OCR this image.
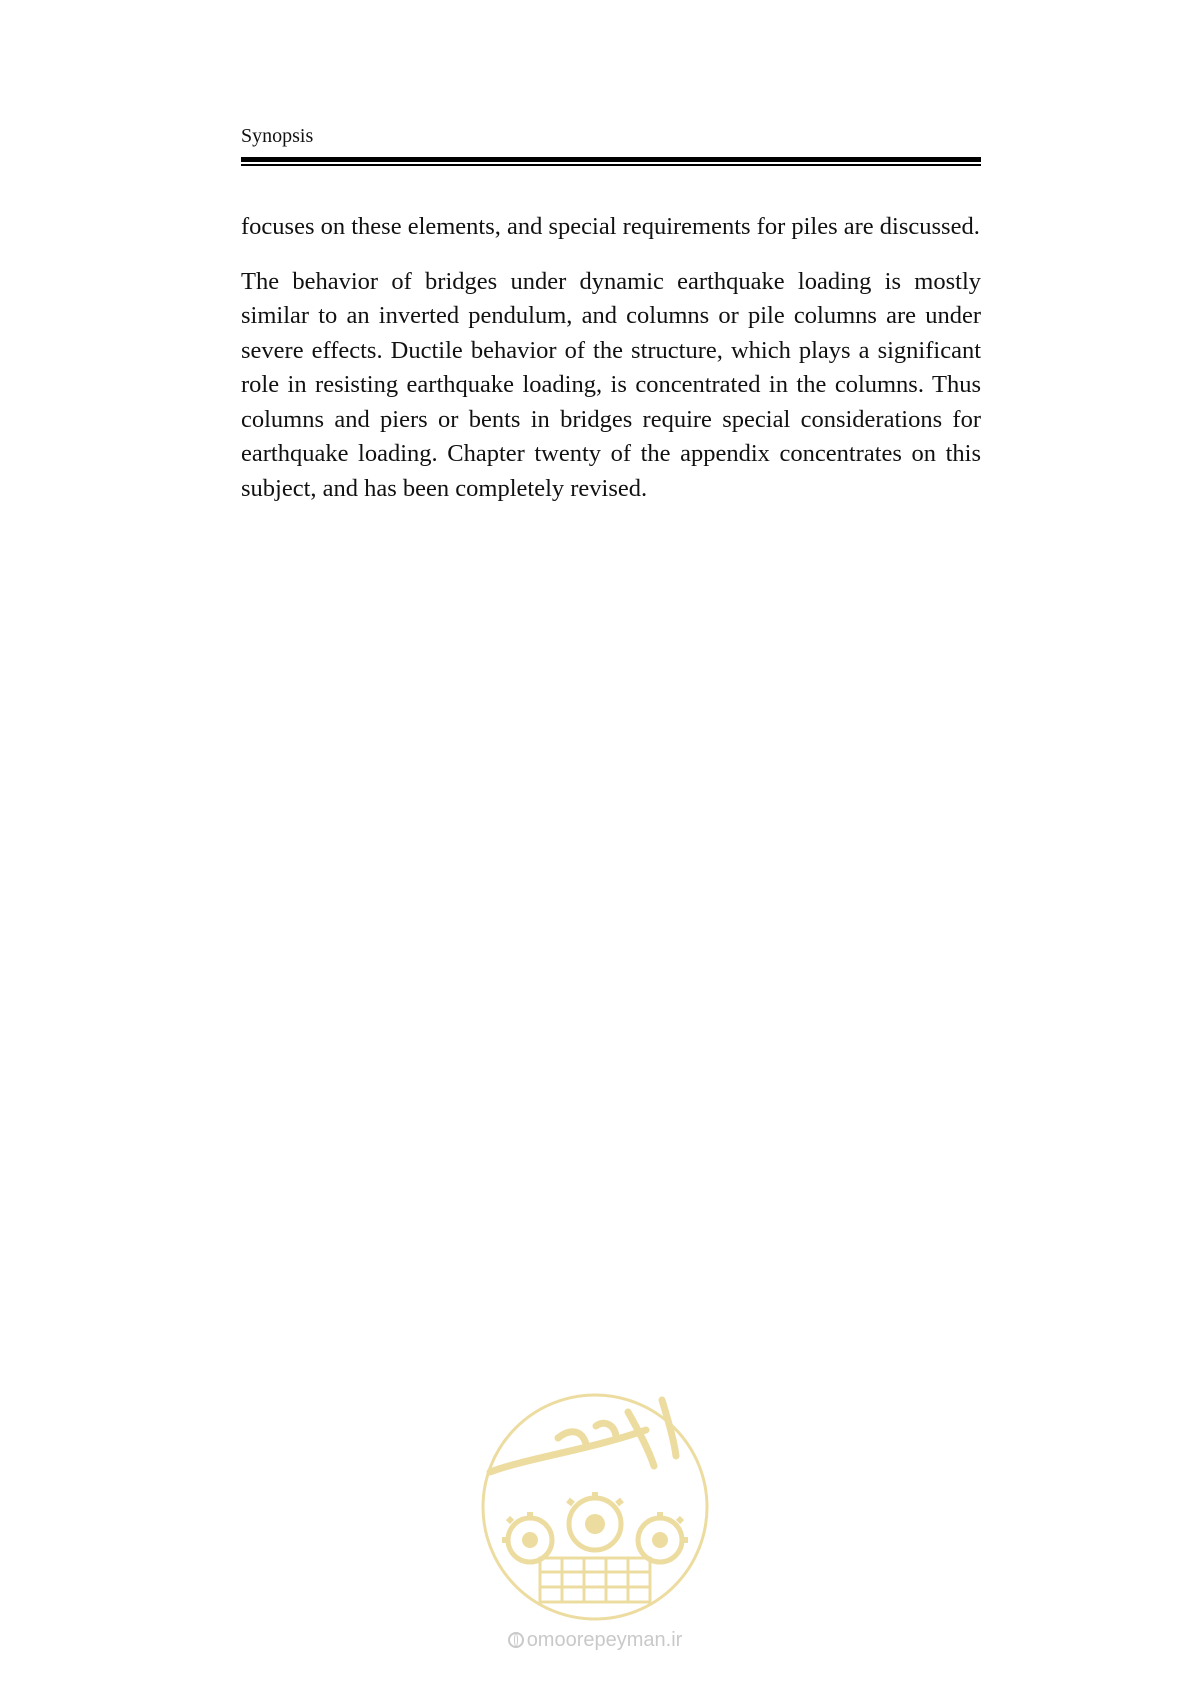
Synopsis

focuses on these elements, and special requirements for piles are discussed.

The behavior of bridges under dynamic earthquake loading is mostly similar to an inverted pendulum, and columns or pile columns are under severe effects. Ductile behavior of the structure, which plays a significant role in resisting earthquake loading, is concentrated in the columns. Thus columns and piers or bents in bridges require special considerations for earthquake loading. Chapter twenty of the appendix concentrates on this subject, and has been completely revised.

omoorepeyman.ir
